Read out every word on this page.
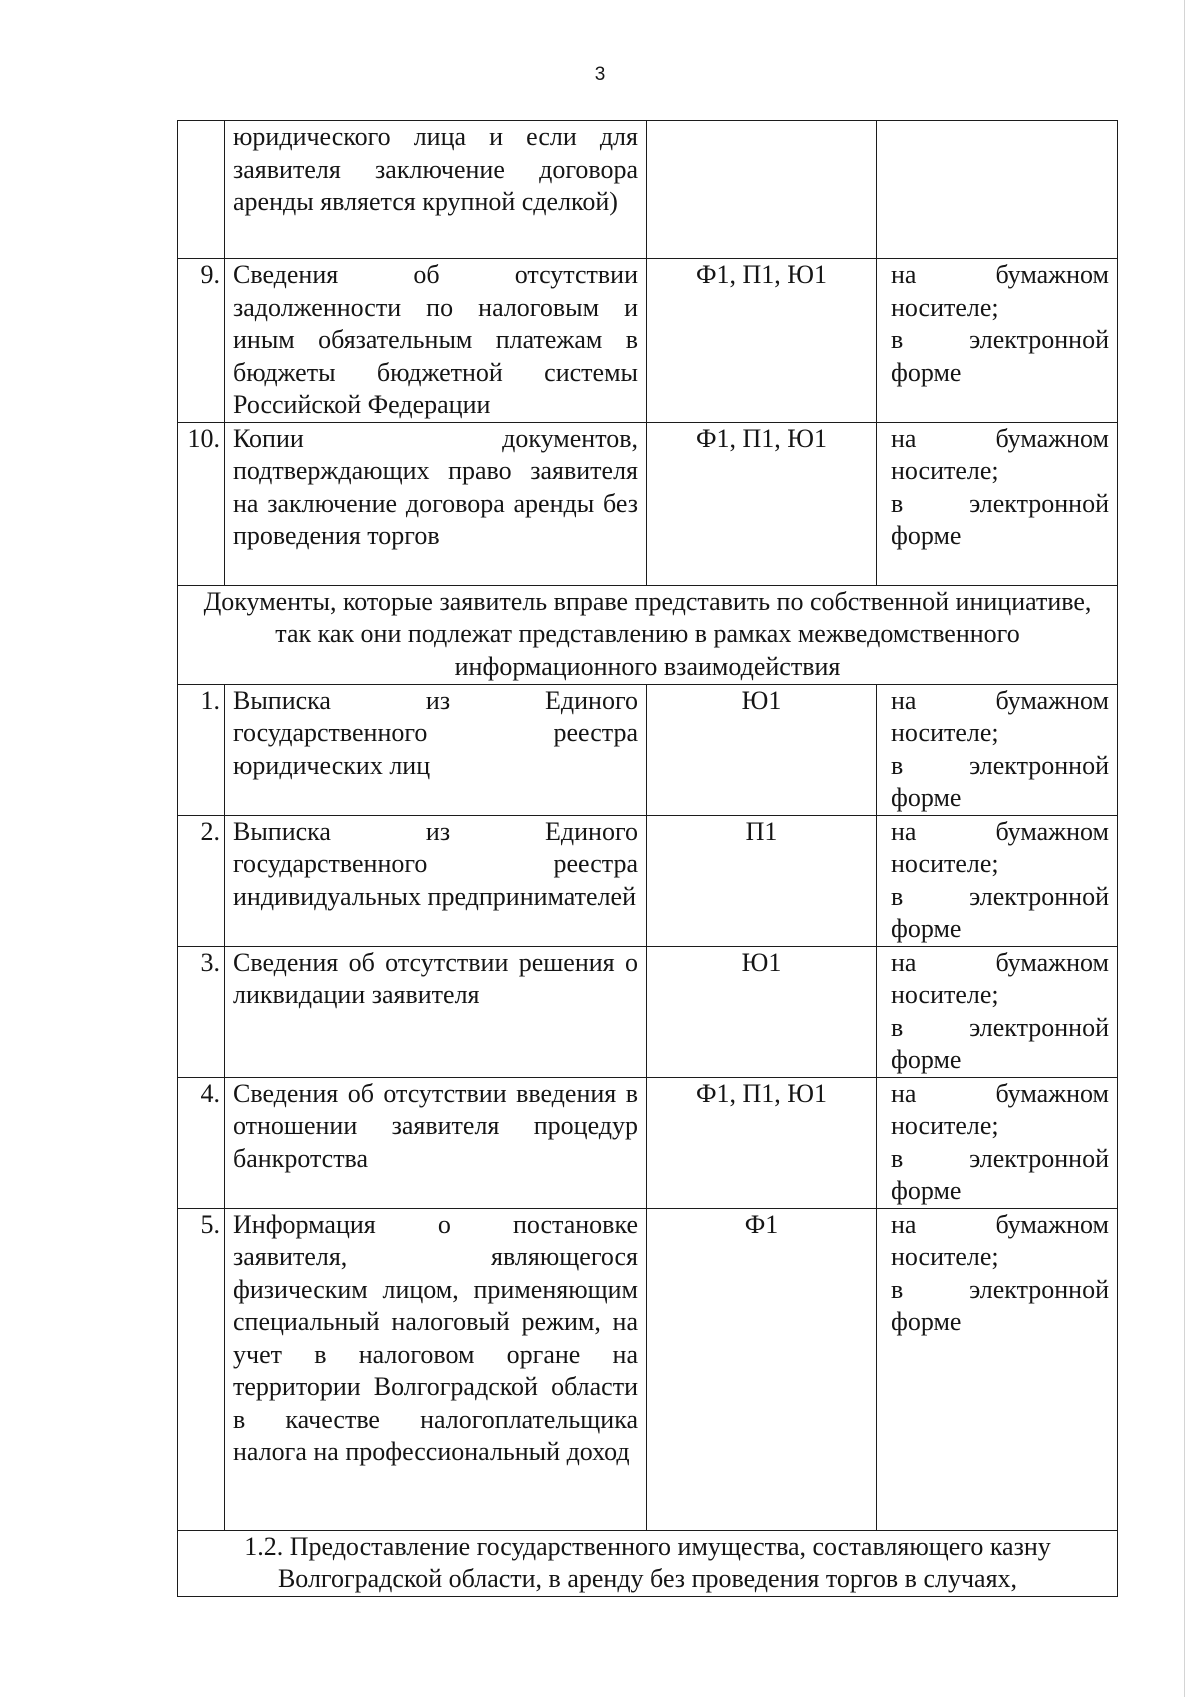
3
	юридического лица и если для заявителя заключение договора аренды является крупной сделкой)		
9.	Сведения об отсутствии задолженности по налоговым и иным обязательным платежам в бюджеты бюджетной системы Российской Федерации	Ф1, П1, Ю1	на бумажном носителе;
в электронной форме

10.	Копии документов, подтверждающих право заявителя на заключение договора аренды без проведения торгов	Ф1, П1, Ю1	на бумажном носителе;
в электронной форме

Документы, которые заявитель вправе представить по собственной инициативе, так как они подлежат представлению в рамках межведомственного информационного взаимодействия			
1.	Выписка из Единого государственного реестра юридических лиц	Ю1	на бумажном носителе;
в электронной форме

2.	Выписка из Единого государственного реестра индивидуальных предпринимателей	П1	на бумажном носителе;
в электронной форме

3.	Сведения об отсутствии решения о ликвидации заявителя	Ю1	на бумажном носителе;
в электронной форме

4.	Сведения об отсутствии введения в отношении заявителя процедур банкротства	Ф1, П1, Ю1	на бумажном носителе;
в электронной форме

5.	Информация о постановке заявителя, являющегося физическим лицом, применяющим специальный налоговый режим, на учет в налоговом органе на территории Волгоградской области в качестве налогоплательщика налога на профессиональный доход	Ф1	на бумажном носителе;
в электронной форме

1.2. Предоставление государственного имущества, составляющего казну Волгоградской области, в аренду без проведения торгов в случаях,			
